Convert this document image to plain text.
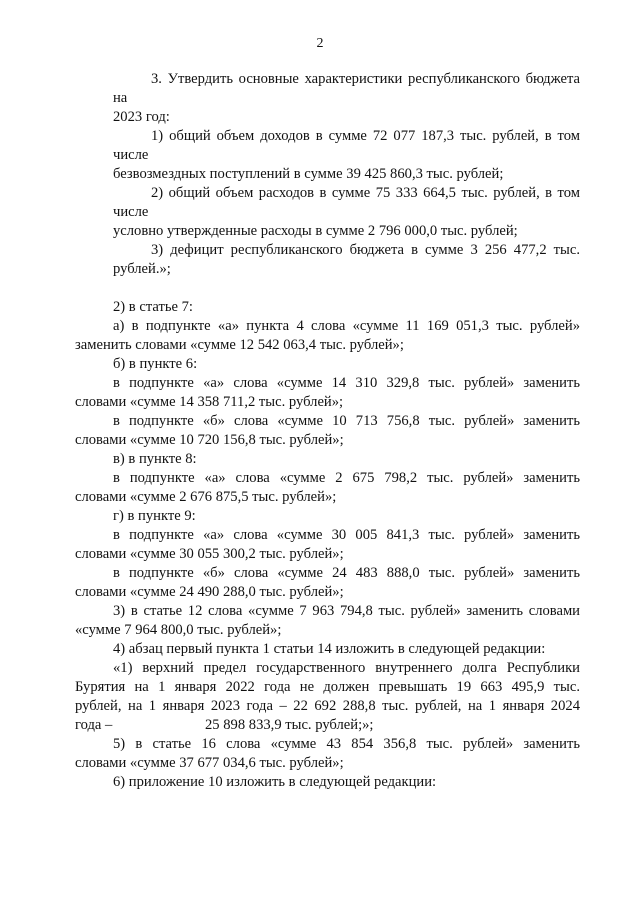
2
3. Утвердить основные характеристики республиканского бюджета на
2023 год:
1) общий объем доходов в сумме 72 077 187,3 тыс. рублей, в том числе
безвозмездных поступлений в сумме 39 425 860,3 тыс. рублей;
2) общий объем расходов в сумме 75 333 664,5 тыс. рублей, в том числе
условно утвержденные расходы в сумме 2 796 000,0 тыс. рублей;
3) дефицит республиканского бюджета в сумме 3 256 477,2 тыс. рублей.»;
2) в статье 7:
а) в подпункте «а» пункта 4 слова «сумме 11 169 051,3 тыс. рублей»
заменить словами «сумме 12 542 063,4 тыс. рублей»;
б) в пункте 6:
в подпункте «а» слова «сумме 14 310 329,8 тыс. рублей» заменить
словами «сумме 14 358 711,2 тыс. рублей»;
в подпункте «б» слова «сумме 10 713 756,8 тыс. рублей» заменить
словами «сумме 10 720 156,8 тыс. рублей»;
в) в пункте 8:
в подпункте «а» слова «сумме 2 675 798,2 тыс. рублей» заменить
словами «сумме 2 676 875,5 тыс. рублей»;
г) в пункте 9:
в подпункте «а» слова «сумме 30 005 841,3 тыс. рублей» заменить
словами «сумме 30 055 300,2 тыс. рублей»;
в подпункте «б» слова «сумме 24 483 888,0 тыс. рублей» заменить
словами «сумме 24 490 288,0 тыс. рублей»;
3) в статье 12 слова «сумме 7 963 794,8 тыс. рублей» заменить словами
«сумме 7 964 800,0 тыс. рублей»;
4) абзац первый пункта 1 статьи 14 изложить в следующей редакции:
«1) верхний предел государственного внутреннего долга Республики
Бурятия на 1 января 2022 года не должен превышать 19 663 495,9 тыс.
рублей, на 1 января 2023 года – 22 692 288,8 тыс. рублей, на 1 января 2024
года –	25 898 833,9 тыс. рублей;»;
5) в статье 16 слова «сумме 43 854 356,8 тыс. рублей» заменить
словами «сумме 37 677 034,6 тыс. рублей»;
6) приложение 10 изложить в следующей редакции:
